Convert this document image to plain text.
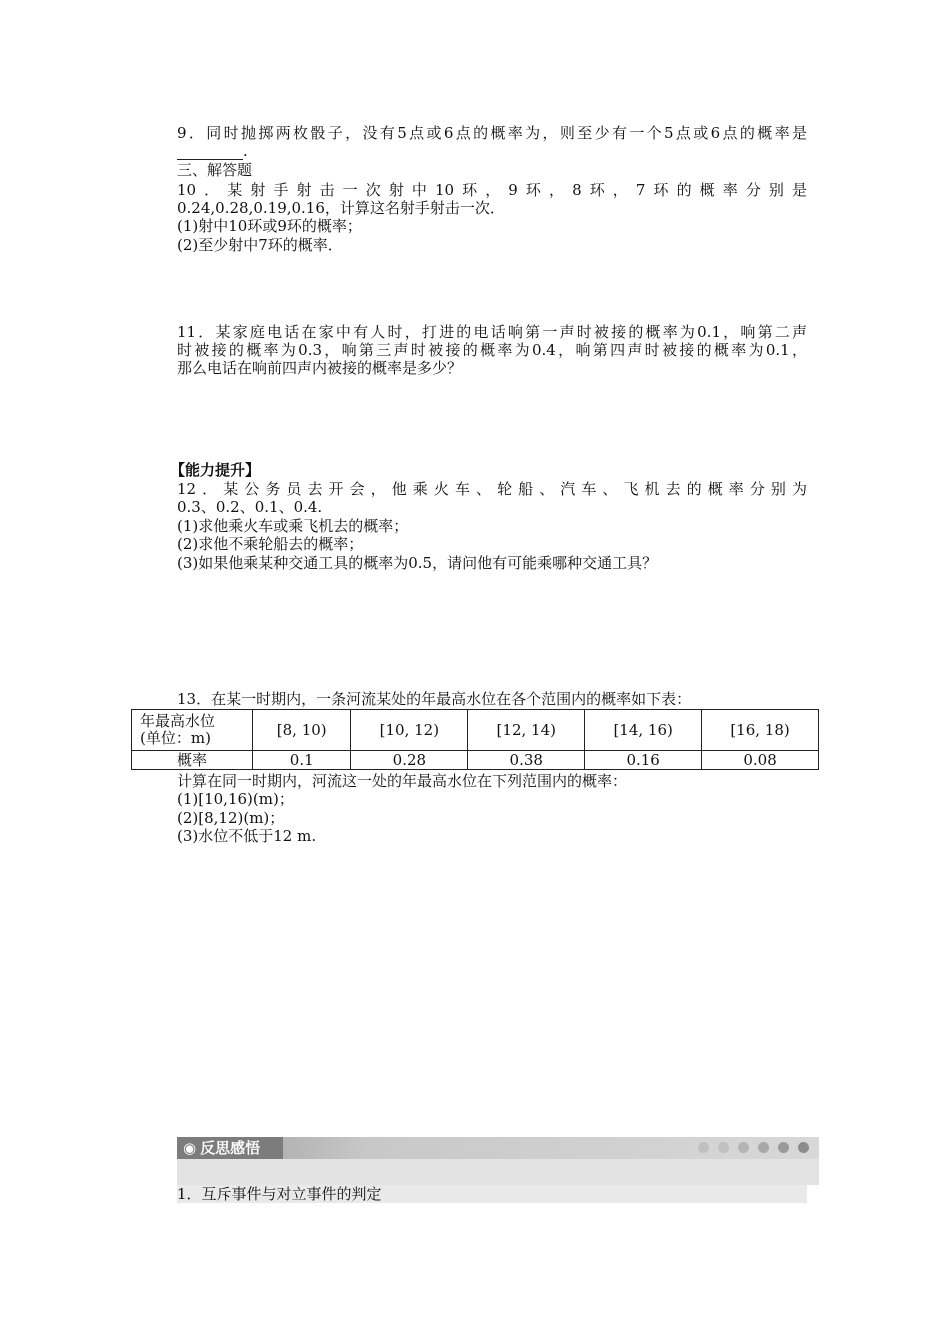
9．同时抛掷两枚骰子，没有5点或6点的概率为，则至少有一个5点或6点的概率是
.
三、解答题
10．某射手射击一次射中10环，9环，8环，7环的概率分别是
0.24,0.28,0.19,0.16，计算这名射手射击一次．
(1)射中10环或9环的概率；
(2)至少射中7环的概率．
11．某家庭电话在家中有人时，打进的电话响第一声时被接的概率为0.1，响第二声
时被接的概率为0.3，响第三声时被接的概率为0.4，响第四声时被接的概率为0.1，
那么电话在响前四声内被接的概率是多少？
【能力提升】
12．某公务员去开会，他乘火车、轮船、汽车、飞机去的概率分别为
0.3、0.2、0.1、0.4.
(1)求他乘火车或乘飞机去的概率；
(2)求他不乘轮船去的概率；
(3)如果他乘某种交通工具的概率为0.5，请问他有可能乘哪种交通工具？
13．在某一时期内，一条河流某处的年最高水位在各个范围内的概率如下表：
年最高水位
(单位：m)	[8, 10)	[10, 12)	[12, 14)	[14, 16)	[16, 18)
概率	0.1	0.28	0.38	0.16	0.08
计算在同一时期内，河流这一处的年最高水位在下列范围内的概率：
(1)[10,16)(m)；
(2)[8,12)(m)；
(3)水位不低于12 m.
◉ 反思感悟
1．互斥事件与对立事件的判定
